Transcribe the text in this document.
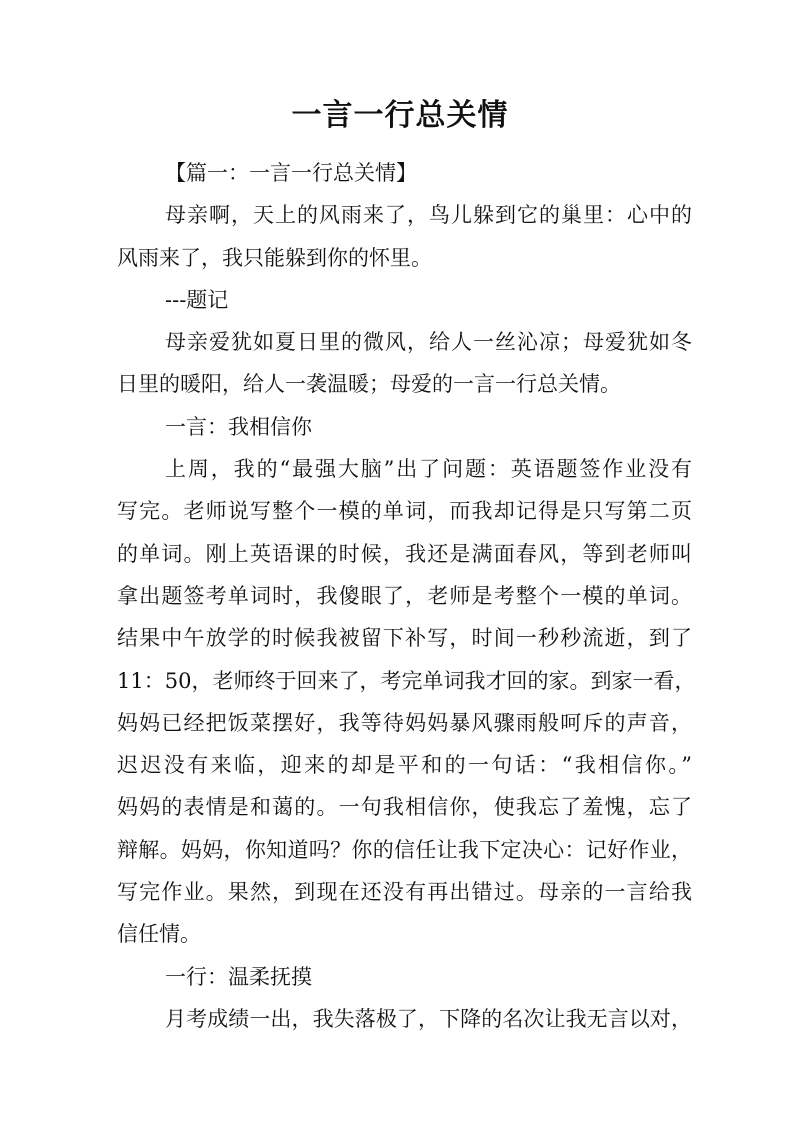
一言一行总关情

【篇一：一言一行总关情】

母亲啊，天上的风雨来了，鸟儿躲到它的巢里：心中的
风雨来了，我只能躲到你的怀里。

---题记

母亲爱犹如夏日里的微风，给人一丝沁凉；母爱犹如冬
日里的暖阳，给人一袭温暖；母爱的一言一行总关情。

一言：我相信你

上周，我的“最强大脑”出了问题：英语题签作业没有
写完。老师说写整个一模的单词，而我却记得是只写第二页
的单词。刚上英语课的时候，我还是满面春风，等到老师叫
拿出题签考单词时，我傻眼了，老师是考整个一模的单词。
结果中午放学的时候我被留下补写，时间一秒秒流逝，到了
11：50，老师终于回来了，考完单词我才回的家。到家一看，
妈妈已经把饭菜摆好，我等待妈妈暴风骤雨般呵斥的声音，
迟迟没有来临，迎来的却是平和的一句话：“我相信你。”
妈妈的表情是和蔼的。一句我相信你，使我忘了羞愧，忘了
辩解。妈妈，你知道吗？你的信任让我下定决心：记好作业，
写完作业。果然，到现在还没有再出错过。母亲的一言给我
信任情。

一行：温柔抚摸

月考成绩一出，我失落极了，下降的名次让我无言以对，
